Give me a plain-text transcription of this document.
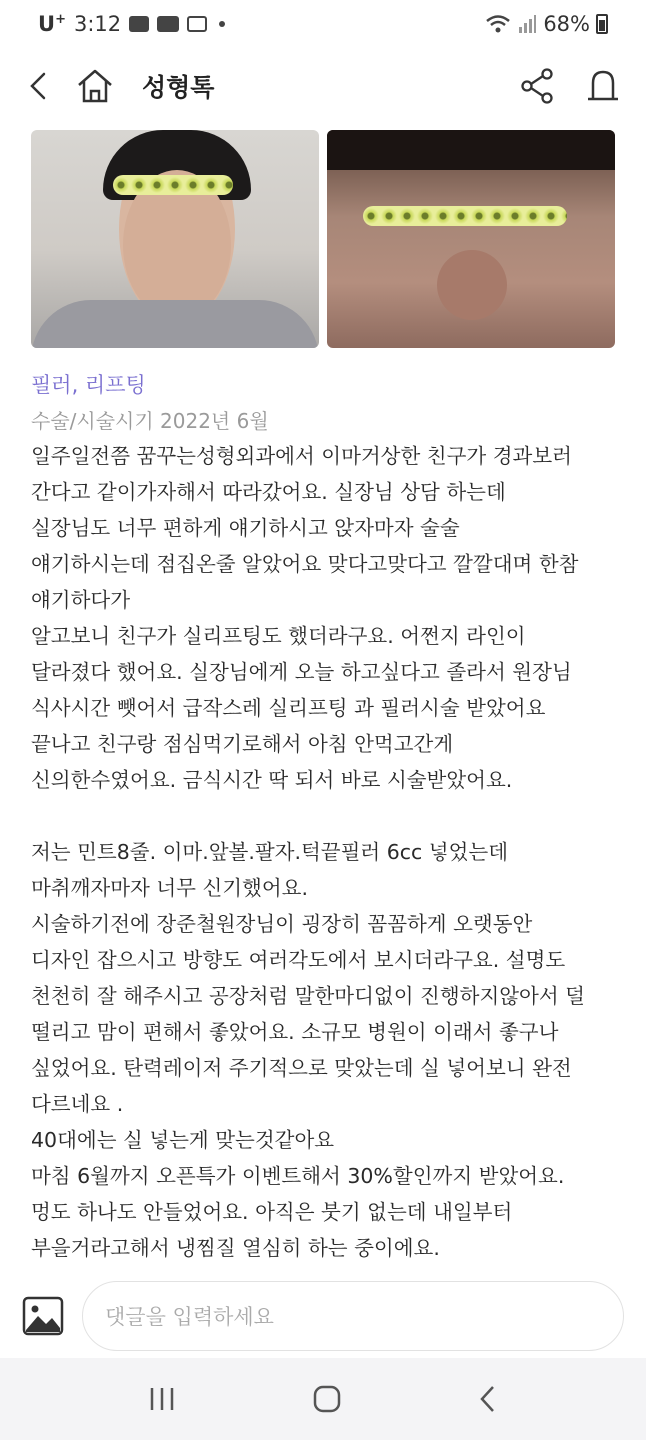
U+ 3:12	68%
성형톡
필러, 리프팅
수술/시술시기 2022년 6월
일주일전쯤 꿈꾸는성형외과에서 이마거상한 친구가 경과보러
간다고 같이가자해서 따라갔어요. 실장님 상담 하는데
실장님도 너무 편하게 얘기하시고 앉자마자 술술
얘기하시는데 점집온줄 알았어요 맞다고맞다고 깔깔대며 한참
얘기하다가
알고보니 친구가 실리프팅도 했더라구요. 어쩐지 라인이
달라졌다 했어요. 실장님에게 오늘 하고싶다고 졸라서 원장님
식사시간 뺏어서 급작스레 실리프팅 과 필러시술 받았어요
끝나고 친구랑 점심먹기로해서 아침 안먹고간게
신의한수였어요. 금식시간 딱 되서 바로 시술받았어요.
저는 민트8줄. 이마.앞볼.팔자.턱끝필러 6cc 넣었는데
마취깨자마자 너무 신기했어요.
시술하기전에 장준철원장님이 굉장히 꼼꼼하게 오랫동안
디자인 잡으시고 방향도 여러각도에서 보시더라구요. 설명도
천천히 잘 해주시고 공장처럼 말한마디없이 진행하지않아서 덜
떨리고 맘이 편해서 좋았어요. 소규모 병원이 이래서 좋구나
싶었어요. 탄력레이저 주기적으로 맞았는데 실 넣어보니 완전
다르네요 .
40대에는 실 넣는게 맞는것같아요
마침 6월까지 오픈특가 이벤트해서 30%할인까지 받았어요.
멍도 하나도 안들었어요. 아직은 붓기 없는데 내일부터
부을거라고해서 냉찜질 열심히 하는 중이에요.
댓글을 입력하세요
